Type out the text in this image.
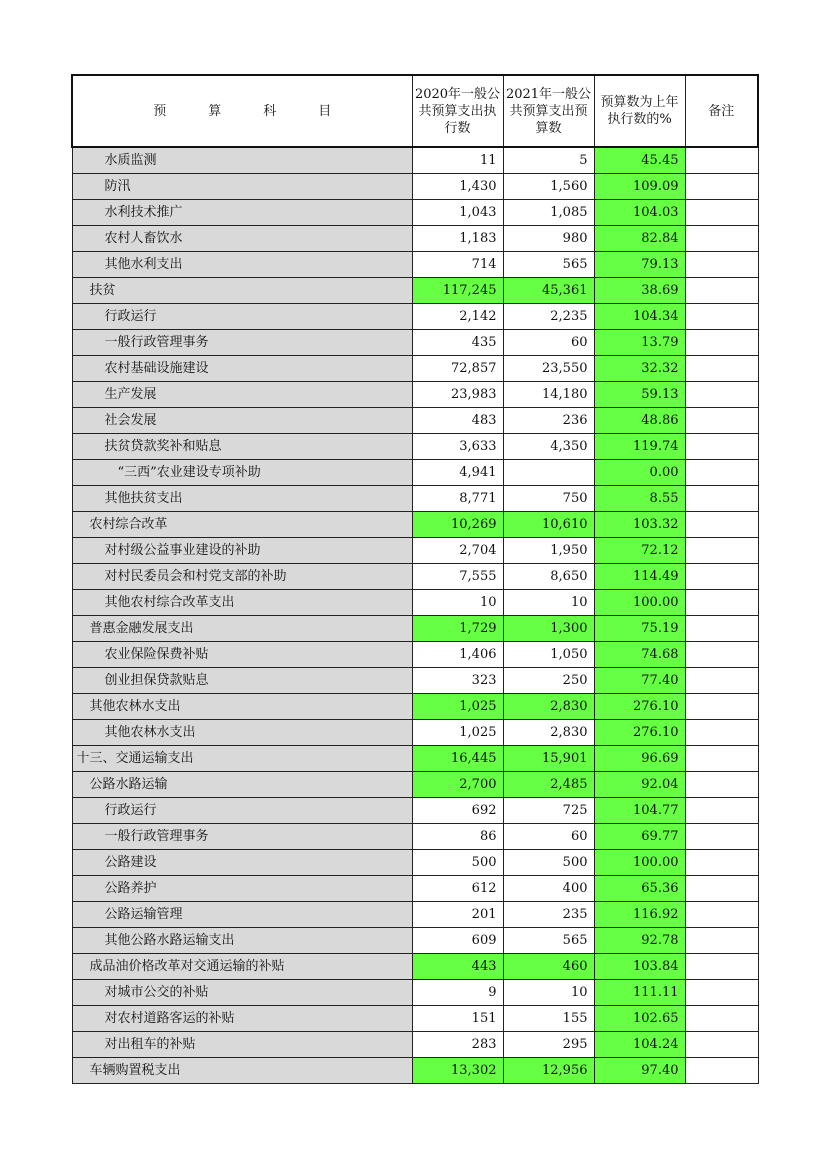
预 算 科 目	2020年一般公共预算支出执行数	2021年一般公共预算支出预算数	预算数为上年执行数的%	备注
水质监测	11	5	45.45	
防汛	1,430	1,560	109.09	
水利技术推广	1,043	1,085	104.03	
农村人畜饮水	1,183	980	82.84	
其他水利支出	714	565	79.13	
扶贫	117,245	45,361	38.69	
行政运行	2,142	2,235	104.34	
一般行政管理事务	435	60	13.79	
农村基础设施建设	72,857	23,550	32.32	
生产发展	23,983	14,180	59.13	
社会发展	483	236	48.86	
扶贫贷款奖补和贴息	3,633	4,350	119.74	
“三西”农业建设专项补助	4,941		0.00	
其他扶贫支出	8,771	750	8.55	
农村综合改革	10,269	10,610	103.32	
对村级公益事业建设的补助	2,704	1,950	72.12	
对村民委员会和村党支部的补助	7,555	8,650	114.49	
其他农村综合改革支出	10	10	100.00	
普惠金融发展支出	1,729	1,300	75.19	
农业保险保费补贴	1,406	1,050	74.68	
创业担保贷款贴息	323	250	77.40	
其他农林水支出	1,025	2,830	276.10	
其他农林水支出	1,025	2,830	276.10	
十三、交通运输支出	16,445	15,901	96.69	
公路水路运输	2,700	2,485	92.04	
行政运行	692	725	104.77	
一般行政管理事务	86	60	69.77	
公路建设	500	500	100.00	
公路养护	612	400	65.36	
公路运输管理	201	235	116.92	
其他公路水路运输支出	609	565	92.78	
成品油价格改革对交通运输的补贴	443	460	103.84	
对城市公交的补贴	9	10	111.11	
对农村道路客运的补贴	151	155	102.65	
对出租车的补贴	283	295	104.24	
车辆购置税支出	13,302	12,956	97.40	
